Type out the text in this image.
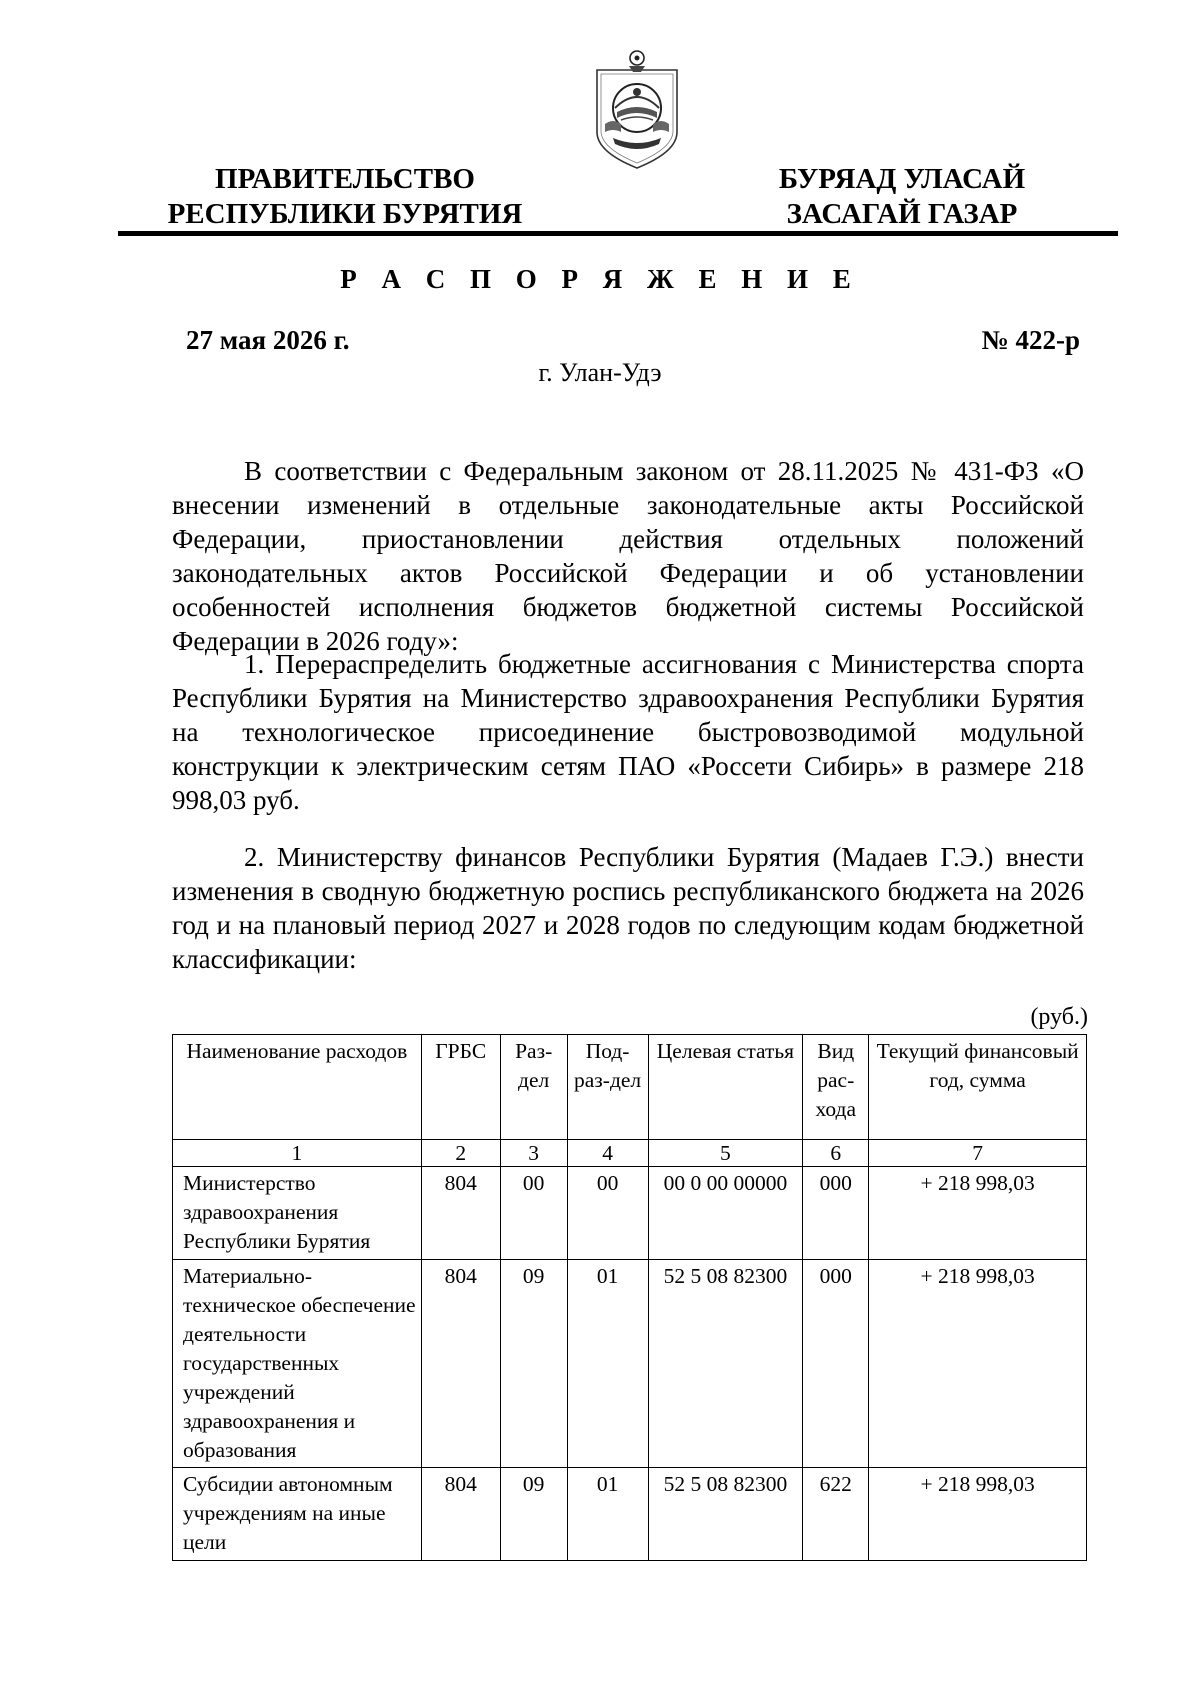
ПРАВИТЕЛЬСТВО
РЕСПУБЛИКИ БУРЯТИЯ
БУРЯАД УЛАСАЙ
ЗАСАГАЙ ГАЗАР
Р А С П О Р Я Ж Е Н И Е
27 мая 2026 г.	№ 422-р
г. Улан-Удэ

В соответствии с Федеральным законом от 28.11.2025 № 431-ФЗ «О внесении изменений в отдельные законодательные акты Российской Федерации, приостановлении действия отдельных положений законодательных актов Российской Федерации и об установлении особенностей исполнения бюджетов бюджетной системы Российской Федерации в 2026 году»:

1. Перераспределить бюджетные ассигнования с Министерства спорта Республики Бурятия на Министерство здравоохранения Республики Бурятия на технологическое присоединение быстровозводимой модульной конструкции к электрическим сетям ПАО «Россети Сибирь» в размере 218 998,03 руб.

2. Министерству финансов Республики Бурятия (Мадаев Г.Э.) внести изменения в сводную бюджетную роспись республиканского бюджета на 2026 год и на плановый период 2027 и 2028 годов по следующим кодам бюджетной классификации:

(руб.)
Наименование расходов	ГРБС	Раз-дел	Под-раз-дел	Целевая статья	Вид рас-хода	Текущий финансовый год, сумма
1	2	3	4	5	6	7
Министерство здравоохранения Республики Бурятия	804	00	00	00 0 00 00000	000	+ 218 998,03
Материально-техническое обеспечение деятельности государственных учреждений здравоохранения и образования	804	09	01	52 5 08 82300	000	+ 218 998,03
Субсидии автономным учреждениям на иные цели	804	09	01	52 5 08 82300	622	+ 218 998,03
